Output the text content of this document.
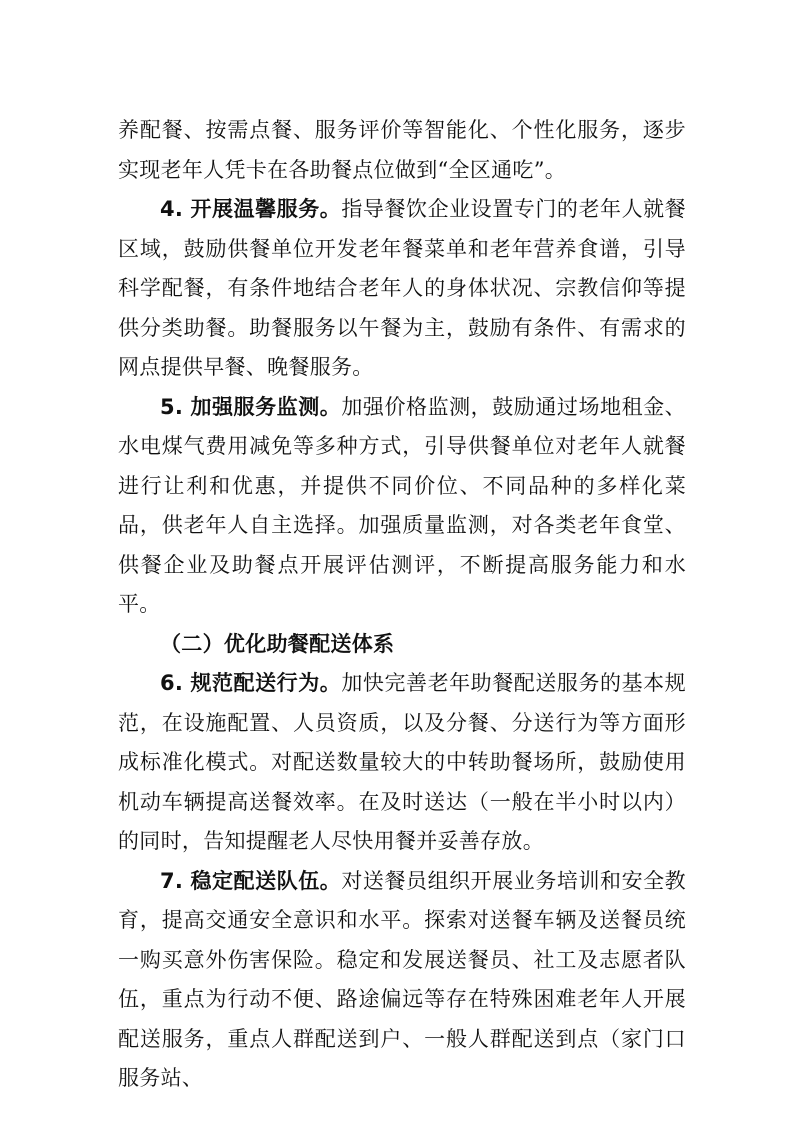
养配餐、按需点餐、服务评价等智能化、个性化服务，逐步实现老年人凭卡在各助餐点位做到“全区通吃”。

4. 开展温馨服务。指导餐饮企业设置专门的老年人就餐区域，鼓励供餐单位开发老年餐菜单和老年营养食谱，引导科学配餐，有条件地结合老年人的身体状况、宗教信仰等提供分类助餐。助餐服务以午餐为主，鼓励有条件、有需求的网点提供早餐、晚餐服务。

5. 加强服务监测。加强价格监测，鼓励通过场地租金、水电煤气费用减免等多种方式，引导供餐单位对老年人就餐进行让利和优惠，并提供不同价位、不同品种的多样化菜品，供老年人自主选择。加强质量监测，对各类老年食堂、供餐企业及助餐点开展评估测评，不断提高服务能力和水平。

（二）优化助餐配送体系

6. 规范配送行为。加快完善老年助餐配送服务的基本规范，在设施配置、人员资质，以及分餐、分送行为等方面形成标准化模式。对配送数量较大的中转助餐场所，鼓励使用机动车辆提高送餐效率。在及时送达（一般在半小时以内）的同时，告知提醒老人尽快用餐并妥善存放。

7. 稳定配送队伍。对送餐员组织开展业务培训和安全教育，提高交通安全意识和水平。探索对送餐车辆及送餐员统一购买意外伤害保险。稳定和发展送餐员、社工及志愿者队伍，重点为行动不便、路途偏远等存在特殊困难老年人开展配送服务，重点人群配送到户、一般人群配送到点（家门口服务站、
